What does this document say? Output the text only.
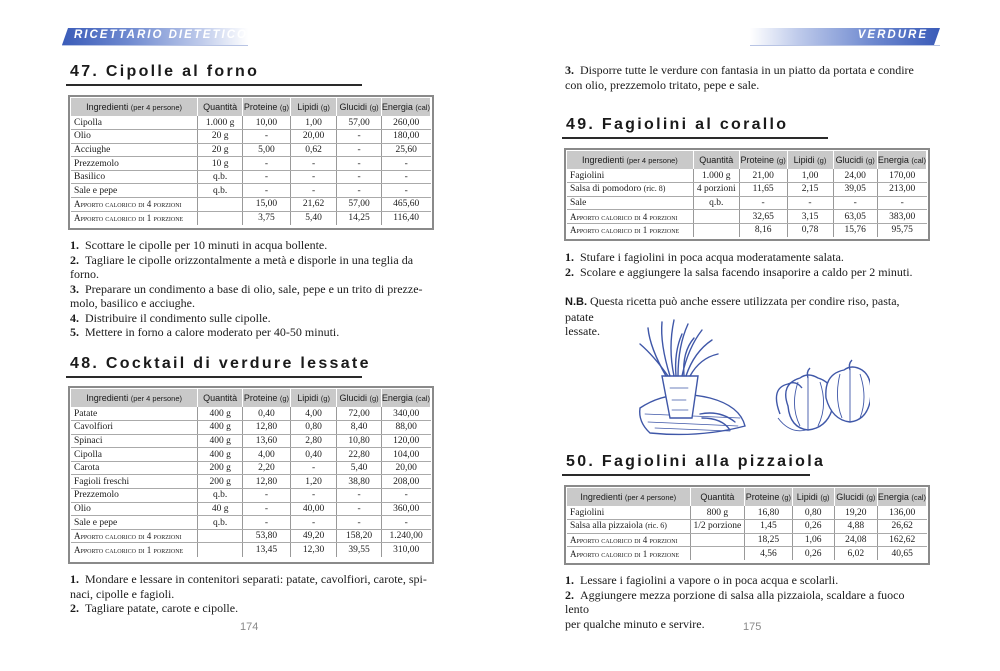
RICETTARIO DIETETICO
47. Cipolle al forno
Ingredienti (per 4 persone)	Quantità	Proteine (g)	Lipidi (g)	Glucidi (g)	Energia (cal)
Cipolla	1.000 g	10,00	1,00	57,00	260,00
Olio	20 g	-	20,00	-	180,00
Acciughe	20 g	5,00	0,62	-	25,60
Prezzemolo	10 g	-	-	-	-
Basilico	q.b.	-	-	-	-
Sale e pepe	q.b.	-	-	-	-
Apporto calorico di 4 porzioni		15,00	21,62	57,00	465,60
Apporto calorico di 1 porzione		3,75	5,40	14,25	116,40

1. Scottare le cipolle per 10 minuti in acqua bollente.

2. Tagliare le cipolle orizzontalmente a metà e disporle in una teglia da forno.

3. Preparare un condimento a base di olio, sale, pepe e un trito di prezze-

molo, basilico e acciughe.

4. Distribuire il condimento sulle cipolle.

5. Mettere in forno a calore moderato per 40-50 minuti.

48. Cocktail di verdure lessate
Ingredienti (per 4 persone)	Quantità	Proteine (g)	Lipidi (g)	Glucidi (g)	Energia (cal)
Patate	400 g	0,40	4,00	72,00	340,00
Cavolfiori	400 g	12,80	0,80	8,40	88,00
Spinaci	400 g	13,60	2,80	10,80	120,00
Cipolla	400 g	4,00	0,40	22,80	104,00
Carota	200 g	2,20	-	5,40	20,00
Fagioli freschi	200 g	12,80	1,20	38,80	208,00
Prezzemolo	q.b.	-	-	-	-
Olio	40 g	-	40,00	-	360,00
Sale e pepe	q.b.	-	-	-	-
Apporto calorico di 4 porzioni		53,80	49,20	158,20	1.240,00
Apporto calorico di 1 porzione		13,45	12,30	39,55	310,00

1. Mondare e lessare in contenitori separati: patate, cavolfiori, carote, spi-

naci, cipolle e fagioli.

2. Tagliare patate, carote e cipolle.

174
VERDURE

3. Disporre tutte le verdure con fantasia in un piatto da portata e condire

con olio, prezzemolo tritato, pepe e sale.

49. Fagiolini al corallo
Ingredienti (per 4 persone)	Quantità	Proteine (g)	Lipidi (g)	Glucidi (g)	Energia (cal)
Fagiolini	1.000 g	21,00	1,00	24,00	170,00
Salsa di pomodoro (ric. 8)	4 porzioni	11,65	2,15	39,05	213,00
Sale	q.b.	-	-	-	-
Apporto calorico di 4 porzioni		32,65	3,15	63,05	383,00
Apporto calorico di 1 porzione		8,16	0,78	15,76	95,75

1. Stufare i fagiolini in poca acqua moderatamente salata.

2. Scolare e aggiungere la salsa facendo insaporire a caldo per 2 minuti.

N.B. Questa ricetta può anche essere utilizzata per condire riso, pasta, patate
lessate.
50. Fagiolini alla pizzaiola
Ingredienti (per 4 persone)	Quantità	Proteine (g)	Lipidi (g)	Glucidi (g)	Energia (cal)
Fagiolini	800 g	16,80	0,80	19,20	136,00
Salsa alla pizzaiola (ric. 6)	1/2 porzione	1,45	0,26	4,88	26,62
Apporto calorico di 4 porzioni		18,25	1,06	24,08	162,62
Apporto calorico di 1 porzione		4,56	0,26	6,02	40,65

1. Lessare i fagiolini a vapore o in poca acqua e scolarli.

2. Aggiungere mezza porzione di salsa alla pizzaiola, scaldare a fuoco lento

per qualche minuto e servire.	175
